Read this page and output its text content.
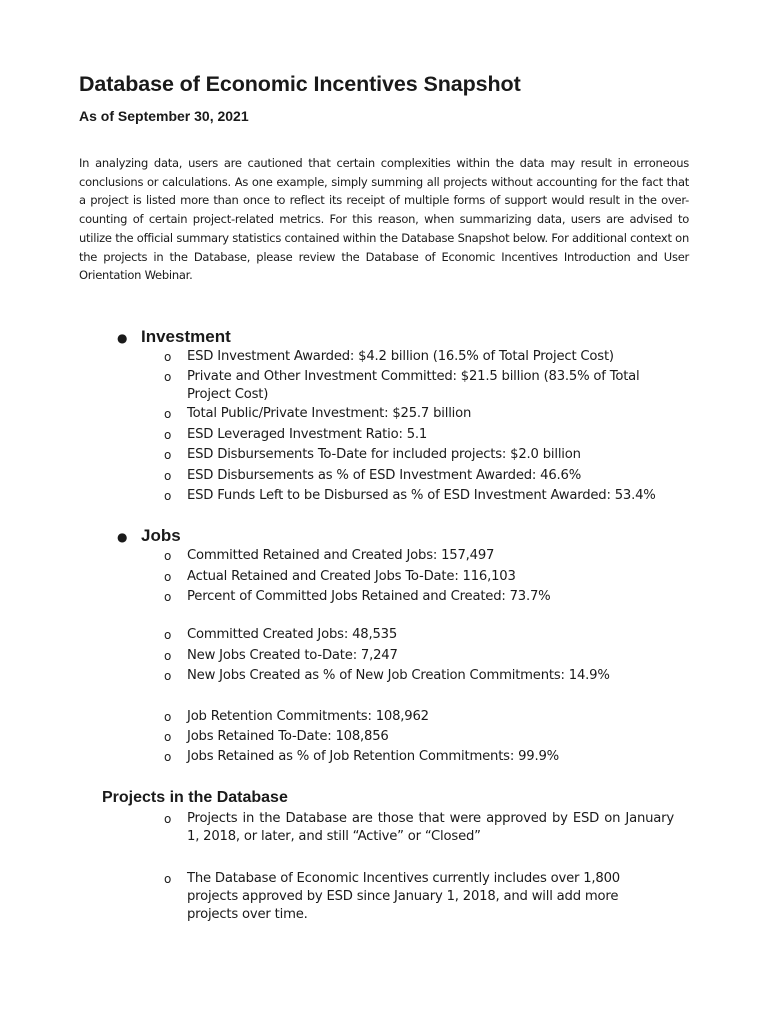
Database of Economic Incentives Snapshot
As of September 30, 2021
In analyzing data, users are cautioned that certain complexities within the data may result in erroneous conclusions or calculations. As one example, simply summing all projects without accounting for the fact that a project is listed more than once to reflect its receipt of multiple forms of support would result in the over-counting of certain project-related metrics. For this reason, when summarizing data, users are advised to utilize the official summary statistics contained within the Database Snapshot below. For additional context on the projects in the Database, please review the Database of Economic Incentives Introduction and User Orientation Webinar.
● Investment
o ESD Investment Awarded: $4.2 billion (16.5% of Total Project Cost)
o Private and Other Investment Committed: $21.5 billion (83.5% of Total Project Cost)
o Total Public/Private Investment: $25.7 billion
o ESD Leveraged Investment Ratio: 5.1
o ESD Disbursements To-Date for included projects: $2.0 billion
o ESD Disbursements as % of ESD Investment Awarded: 46.6%
o ESD Funds Left to be Disbursed as % of ESD Investment Awarded: 53.4%
● Jobs
o Committed Retained and Created Jobs: 157,497
o Actual Retained and Created Jobs To-Date: 116,103
o Percent of Committed Jobs Retained and Created: 73.7%
o Committed Created Jobs: 48,535
o New Jobs Created to-Date: 7,247
o New Jobs Created as % of New Job Creation Commitments: 14.9%
o Job Retention Commitments: 108,962
o Jobs Retained To-Date: 108,856
o Jobs Retained as % of Job Retention Commitments: 99.9%
Projects in the Database
o Projects in the Database are those that were approved by ESD on January 1, 2018, or later, and still “Active” or “Closed”
o The Database of Economic Incentives currently includes over 1,800 projects approved by ESD since January 1, 2018, and will add more projects over time.
